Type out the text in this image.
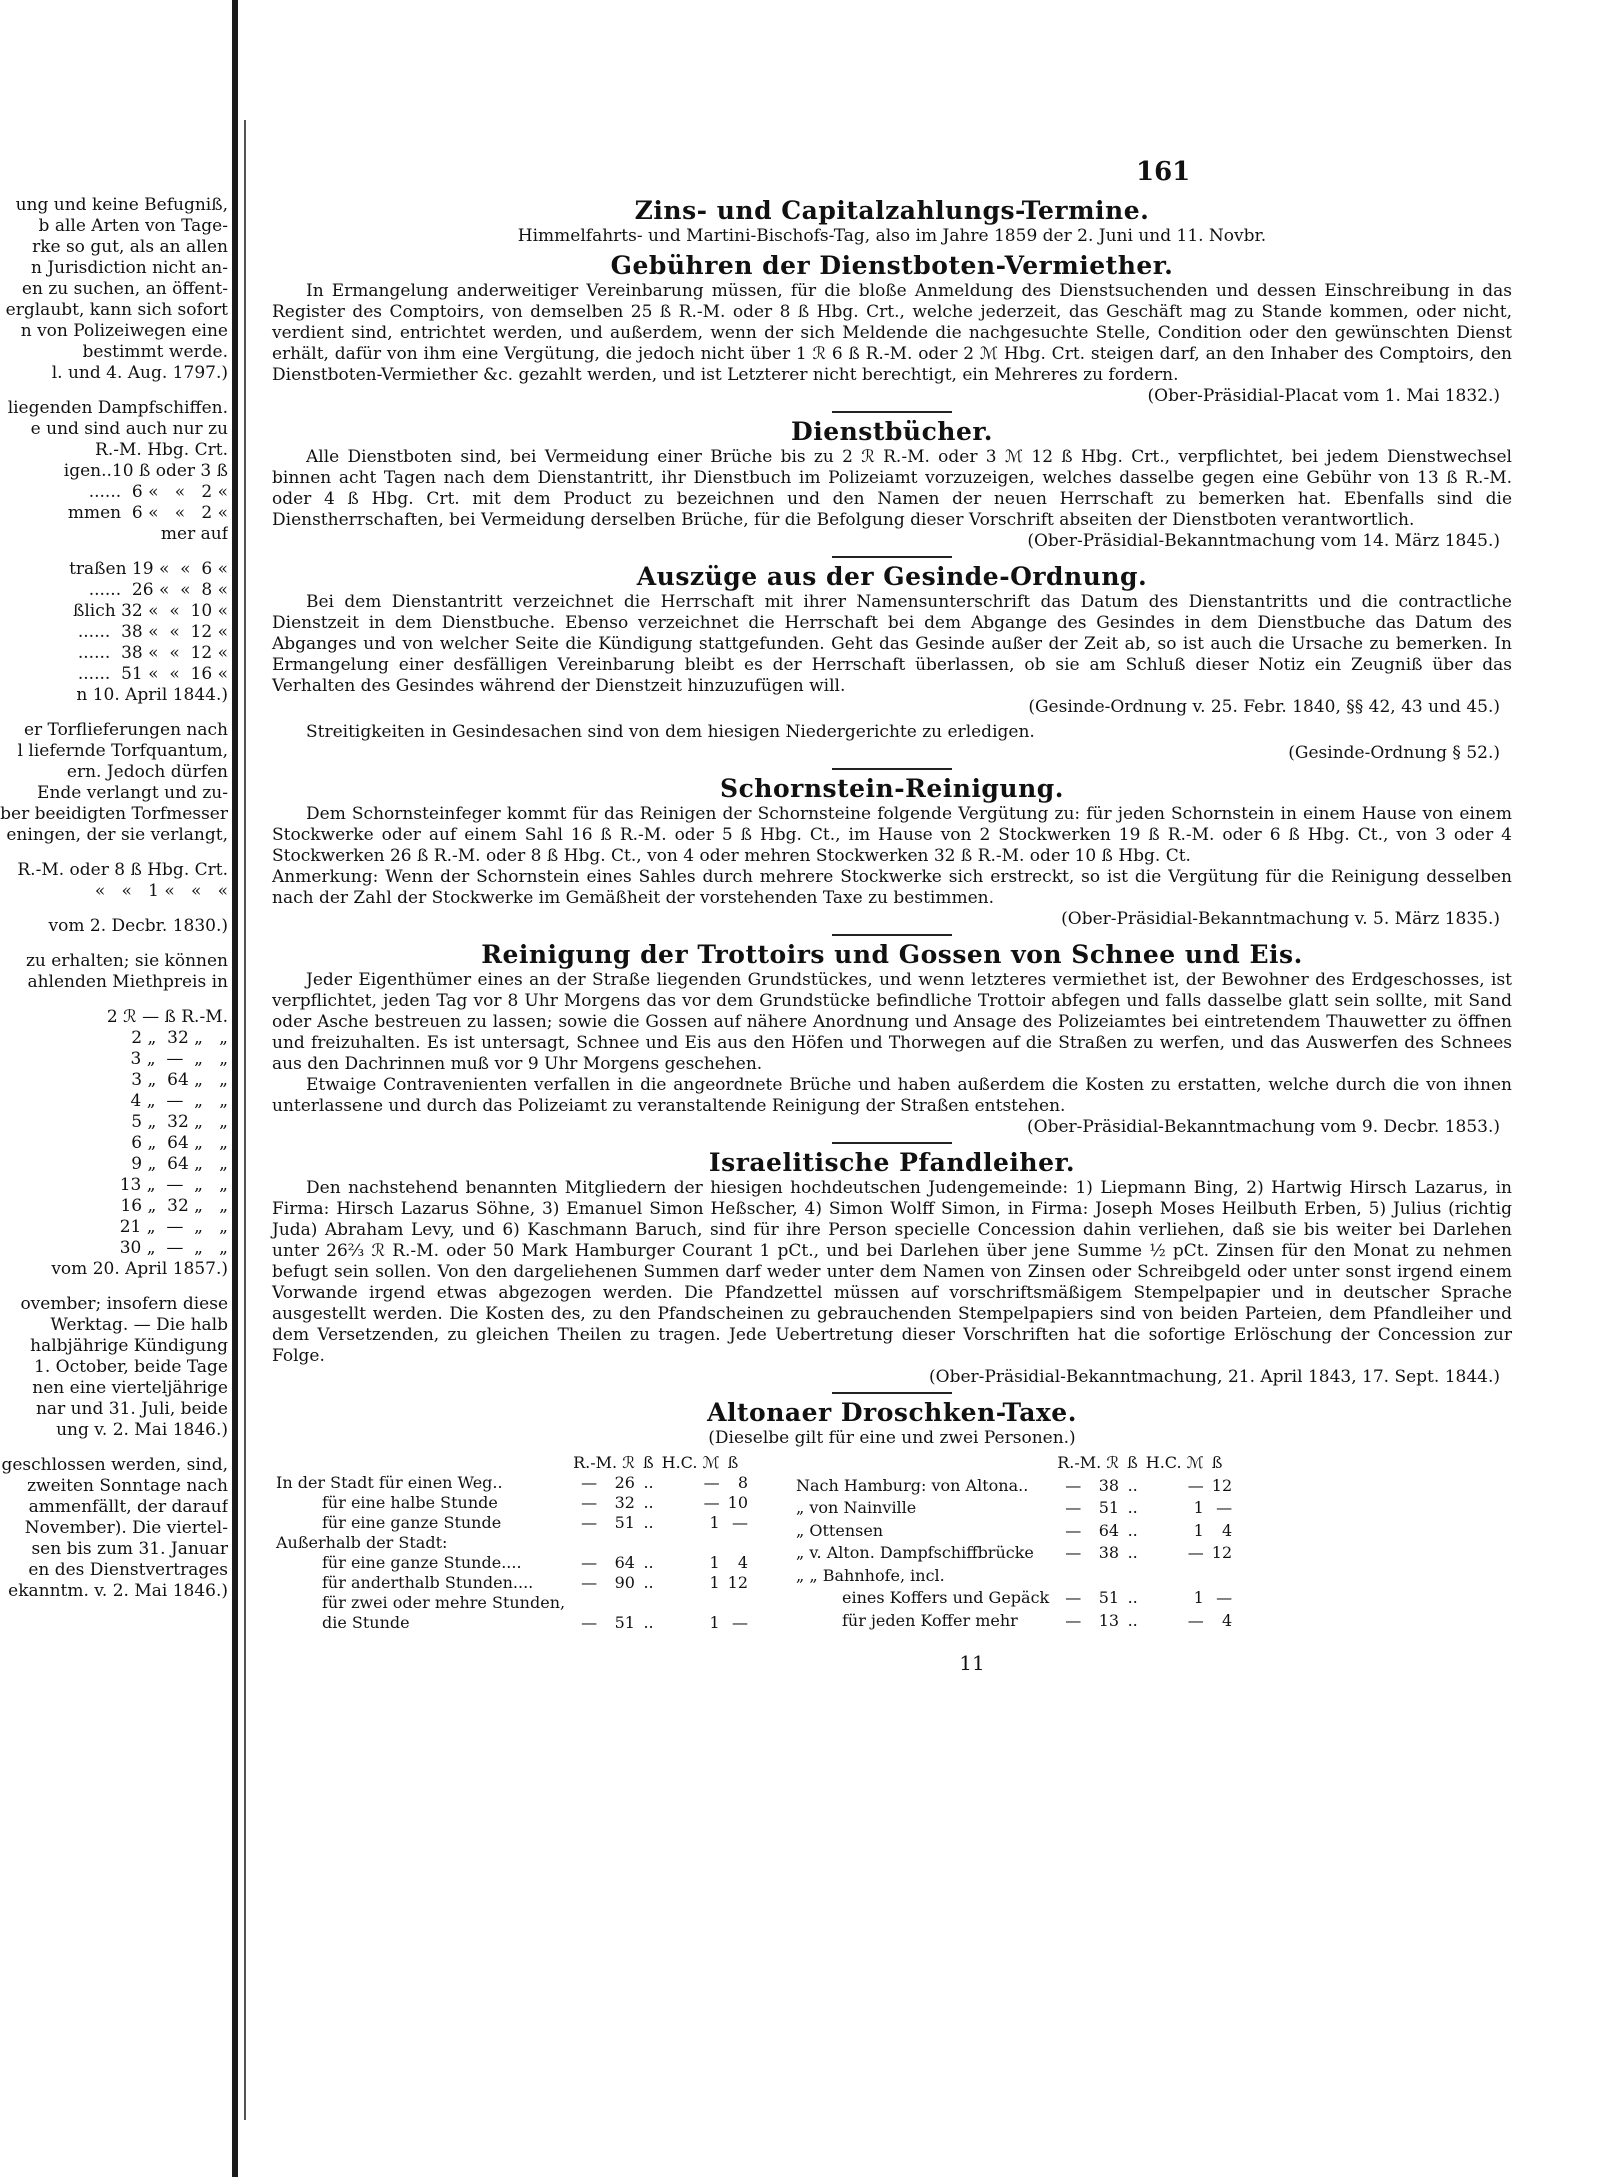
ung und keine Befugniß,
b alle Arten von Tage-
rke so gut, als an allen
n Jurisdiction nicht an-
en zu suchen, an öffent-
erglaubt, kann sich sofort
n von Polizeiwegen eine
bestimmt werde.
l. und 4. Aug. 1797.)
liegenden Dampfschiffen.
e und sind auch nur zu
R.-M. Hbg. Crt.
igen..10 ß oder 3 ß
......  6 «   «   2 «
mmen  6 «   «   2 «
mer auf
traßen 19 «  «  6 «
......  26 «  «  8 «
ßlich 32 «  «  10 «
......  38 «  «  12 «
......  38 «  «  12 «
......  51 «  «  16 «
n 10. April 1844.)
er Torflieferungen nach
l liefernde Torfquantum,
ern. Jedoch dürfen
Ende verlangt und zu-
ber beeidigten Torfmesser
eningen, der sie verlangt,
R.-M. oder 8 ß Hbg. Crt.
«   «   1 «   «   «
vom 2. Decbr. 1830.)
zu erhalten; sie können
ahlenden Miethpreis in
2 ℛ — ß R.-M.
2 „  32 „   „
3 „  —  „   „
3 „  64 „   „
4 „  —  „   „
5 „  32 „   „
6 „  64 „   „
9 „  64 „   „
13 „  —  „   „
16 „  32 „   „
21 „  —  „   „
30 „  —  „   „
vom 20. April 1857.)
ovember; insofern diese
Werktag. — Die halb
halbjährige Kündigung
1. October, beide Tage
nen eine vierteljährige
nar und 31. Juli, beide
ung v. 2. Mai 1846.)
geschlossen werden, sind,
zweiten Sonntage nach
ammenfällt, der darauf
November). Die viertel-
sen bis zum 31. Januar
en des Dienstvertrages
ekanntm. v. 2. Mai 1846.)
161

Zins- und Capitalzahlungs-Termine.

Himmelfahrts- und Martini-Bischofs-Tag, also im Jahre 1859 der 2. Juni und 11. Novbr.

Gebühren der Dienstboten-Vermiether.

In Ermangelung anderweitiger Vereinbarung müssen, für die bloße Anmeldung des Dienstsuchenden und dessen Einschreibung in das Register des Comptoirs, von demselben 25 ß R.-M. oder 8 ß Hbg. Crt., welche jederzeit, das Geschäft mag zu Stande kommen, oder nicht, verdient sind, entrichtet werden, und außerdem, wenn der sich Meldende die nachgesuchte Stelle, Condition oder den gewünschten Dienst erhält, dafür von ihm eine Vergütung, die jedoch nicht über 1 ℛ 6 ß R.-M. oder 2 ℳ Hbg. Crt. steigen darf, an den Inhaber des Comptoirs, den Dienstboten-Vermiether &c. gezahlt werden, und ist Letzterer nicht berechtigt, ein Mehreres zu fordern.

(Ober-Präsidial-Placat vom 1. Mai 1832.)

Dienstbücher.

Alle Dienstboten sind, bei Vermeidung einer Brüche bis zu 2 ℛ R.-M. oder 3 ℳ 12 ß Hbg. Crt., verpflichtet, bei jedem Dienstwechsel binnen acht Tagen nach dem Dienstantritt, ihr Dienstbuch im Polizeiamt vorzuzeigen, welches dasselbe gegen eine Gebühr von 13 ß R.-M. oder 4 ß Hbg. Crt. mit dem Product zu bezeichnen und den Namen der neuen Herrschaft zu bemerken hat. Ebenfalls sind die Dienstherrschaften, bei Vermeidung derselben Brüche, für die Befolgung dieser Vorschrift abseiten der Dienstboten verantwortlich.

(Ober-Präsidial-Bekanntmachung vom 14. März 1845.)

Auszüge aus der Gesinde-Ordnung.

Bei dem Dienstantritt verzeichnet die Herrschaft mit ihrer Namensunterschrift das Datum des Dienstantritts und die contractliche Dienstzeit in dem Dienstbuche. Ebenso verzeichnet die Herrschaft bei dem Abgange des Gesindes in dem Dienstbuche das Datum des Abganges und von welcher Seite die Kündigung stattgefunden. Geht das Gesinde außer der Zeit ab, so ist auch die Ursache zu bemerken. In Ermangelung einer desfälligen Vereinbarung bleibt es der Herrschaft überlassen, ob sie am Schluß dieser Notiz ein Zeugniß über das Verhalten des Gesindes während der Dienstzeit hinzuzufügen will.

(Gesinde-Ordnung v. 25. Febr. 1840, §§ 42, 43 und 45.)

Streitigkeiten in Gesindesachen sind von dem hiesigen Niedergerichte zu erledigen.

(Gesinde-Ordnung § 52.)

Schornstein-Reinigung.

Dem Schornsteinfeger kommt für das Reinigen der Schornsteine folgende Vergütung zu: für jeden Schornstein in einem Hause von einem Stockwerke oder auf einem Sahl 16 ß R.-M. oder 5 ß Hbg. Ct., im Hause von 2 Stockwerken 19 ß R.-M. oder 6 ß Hbg. Ct., von 3 oder 4 Stockwerken 26 ß R.-M. oder 8 ß Hbg. Ct., von 4 oder mehren Stockwerken 32 ß R.-M. oder 10 ß Hbg. Ct.

Anmerkung: Wenn der Schornstein eines Sahles durch mehrere Stockwerke sich erstreckt, so ist die Vergütung für die Reinigung desselben nach der Zahl der Stockwerke im Gemäßheit der vorstehenden Taxe zu bestimmen.

(Ober-Präsidial-Bekanntmachung v. 5. März 1835.)

Reinigung der Trottoirs und Gossen von Schnee und Eis.

Jeder Eigenthümer eines an der Straße liegenden Grundstückes, und wenn letzteres vermiethet ist, der Bewohner des Erdgeschosses, ist verpflichtet, jeden Tag vor 8 Uhr Morgens das vor dem Grundstücke befindliche Trottoir abfegen und falls dasselbe glatt sein sollte, mit Sand oder Asche bestreuen zu lassen; sowie die Gossen auf nähere Anordnung und Ansage des Polizeiamtes bei eintretendem Thauwetter zu öffnen und freizuhalten. Es ist untersagt, Schnee und Eis aus den Höfen und Thorwegen auf die Straßen zu werfen, und das Auswerfen des Schnees aus den Dachrinnen muß vor 9 Uhr Morgens geschehen.

Etwaige Contravenienten verfallen in die angeordnete Brüche und haben außerdem die Kosten zu erstatten, welche durch die von ihnen unterlassene und durch das Polizeiamt zu veranstaltende Reinigung der Straßen entstehen.

(Ober-Präsidial-Bekanntmachung vom 9. Decbr. 1853.)

Israelitische Pfandleiher.

Den nachstehend benannten Mitgliedern der hiesigen hochdeutschen Judengemeinde: 1) Liepmann Bing, 2) Hartwig Hirsch Lazarus, in Firma: Hirsch Lazarus Söhne, 3) Emanuel Simon Heßscher, 4) Simon Wolff Simon, in Firma: Joseph Moses Heilbuth Erben, 5) Julius (richtig Juda) Abraham Levy, und 6) Kaschmann Baruch, sind für ihre Person specielle Concession dahin verliehen, daß sie bis weiter bei Darlehen unter 26⅔ ℛ R.-M. oder 50 Mark Hamburger Courant 1 pCt., und bei Darlehen über jene Summe ½ pCt. Zinsen für den Monat zu nehmen befugt sein sollen. Von den dargeliehenen Summen darf weder unter dem Namen von Zinsen oder Schreibgeld oder unter sonst irgend einem Vorwande irgend etwas abgezogen werden. Die Pfandzettel müssen auf vorschriftsmäßigem Stempelpapier und in deutscher Sprache ausgestellt werden. Die Kosten des, zu den Pfandscheinen zu gebrauchenden Stempelpapiers sind von beiden Parteien, dem Pfandleiher und dem Versetzenden, zu gleichen Theilen zu tragen. Jede Uebertretung dieser Vorschriften hat die sofortige Erlöschung der Concession zur Folge.

(Ober-Präsidial-Bekanntmachung, 21. April 1843, 17. Sept. 1844.)

Altonaer Droschken-Taxe.

(Dieselbe gilt für eine und zwei Personen.)

	R.-M. ℛ		ß	H.C. ℳ	ß
In der Stadt für einen Weg..	—	26	..	—	8
für eine halbe Stunde	—	32	..	—	10
für eine ganze Stunde	—	51	..	1	—
Außerhalb der Stadt:					
für eine ganze Stunde....	—	64	..	1	4
für anderthalb Stunden....	—	90	..	1	12
für zwei oder mehre Stunden,					
die Stunde	—	51	..	1	—
	R.-M. ℛ		ß	H.C. ℳ	ß
Nach Hamburg: von Altona..	—	38	..	—	12
„ von Nainville	—	51	..	1	—
„ Ottensen	—	64	..	1	4
„ v. Alton. Dampfschiffbrücke	—	38	..	—	12
„ „ Bahnhofe, incl.					
eines Koffers und Gepäck	—	51	..	1	—
für jeden Koffer mehr	—	13	..	—	4
11
